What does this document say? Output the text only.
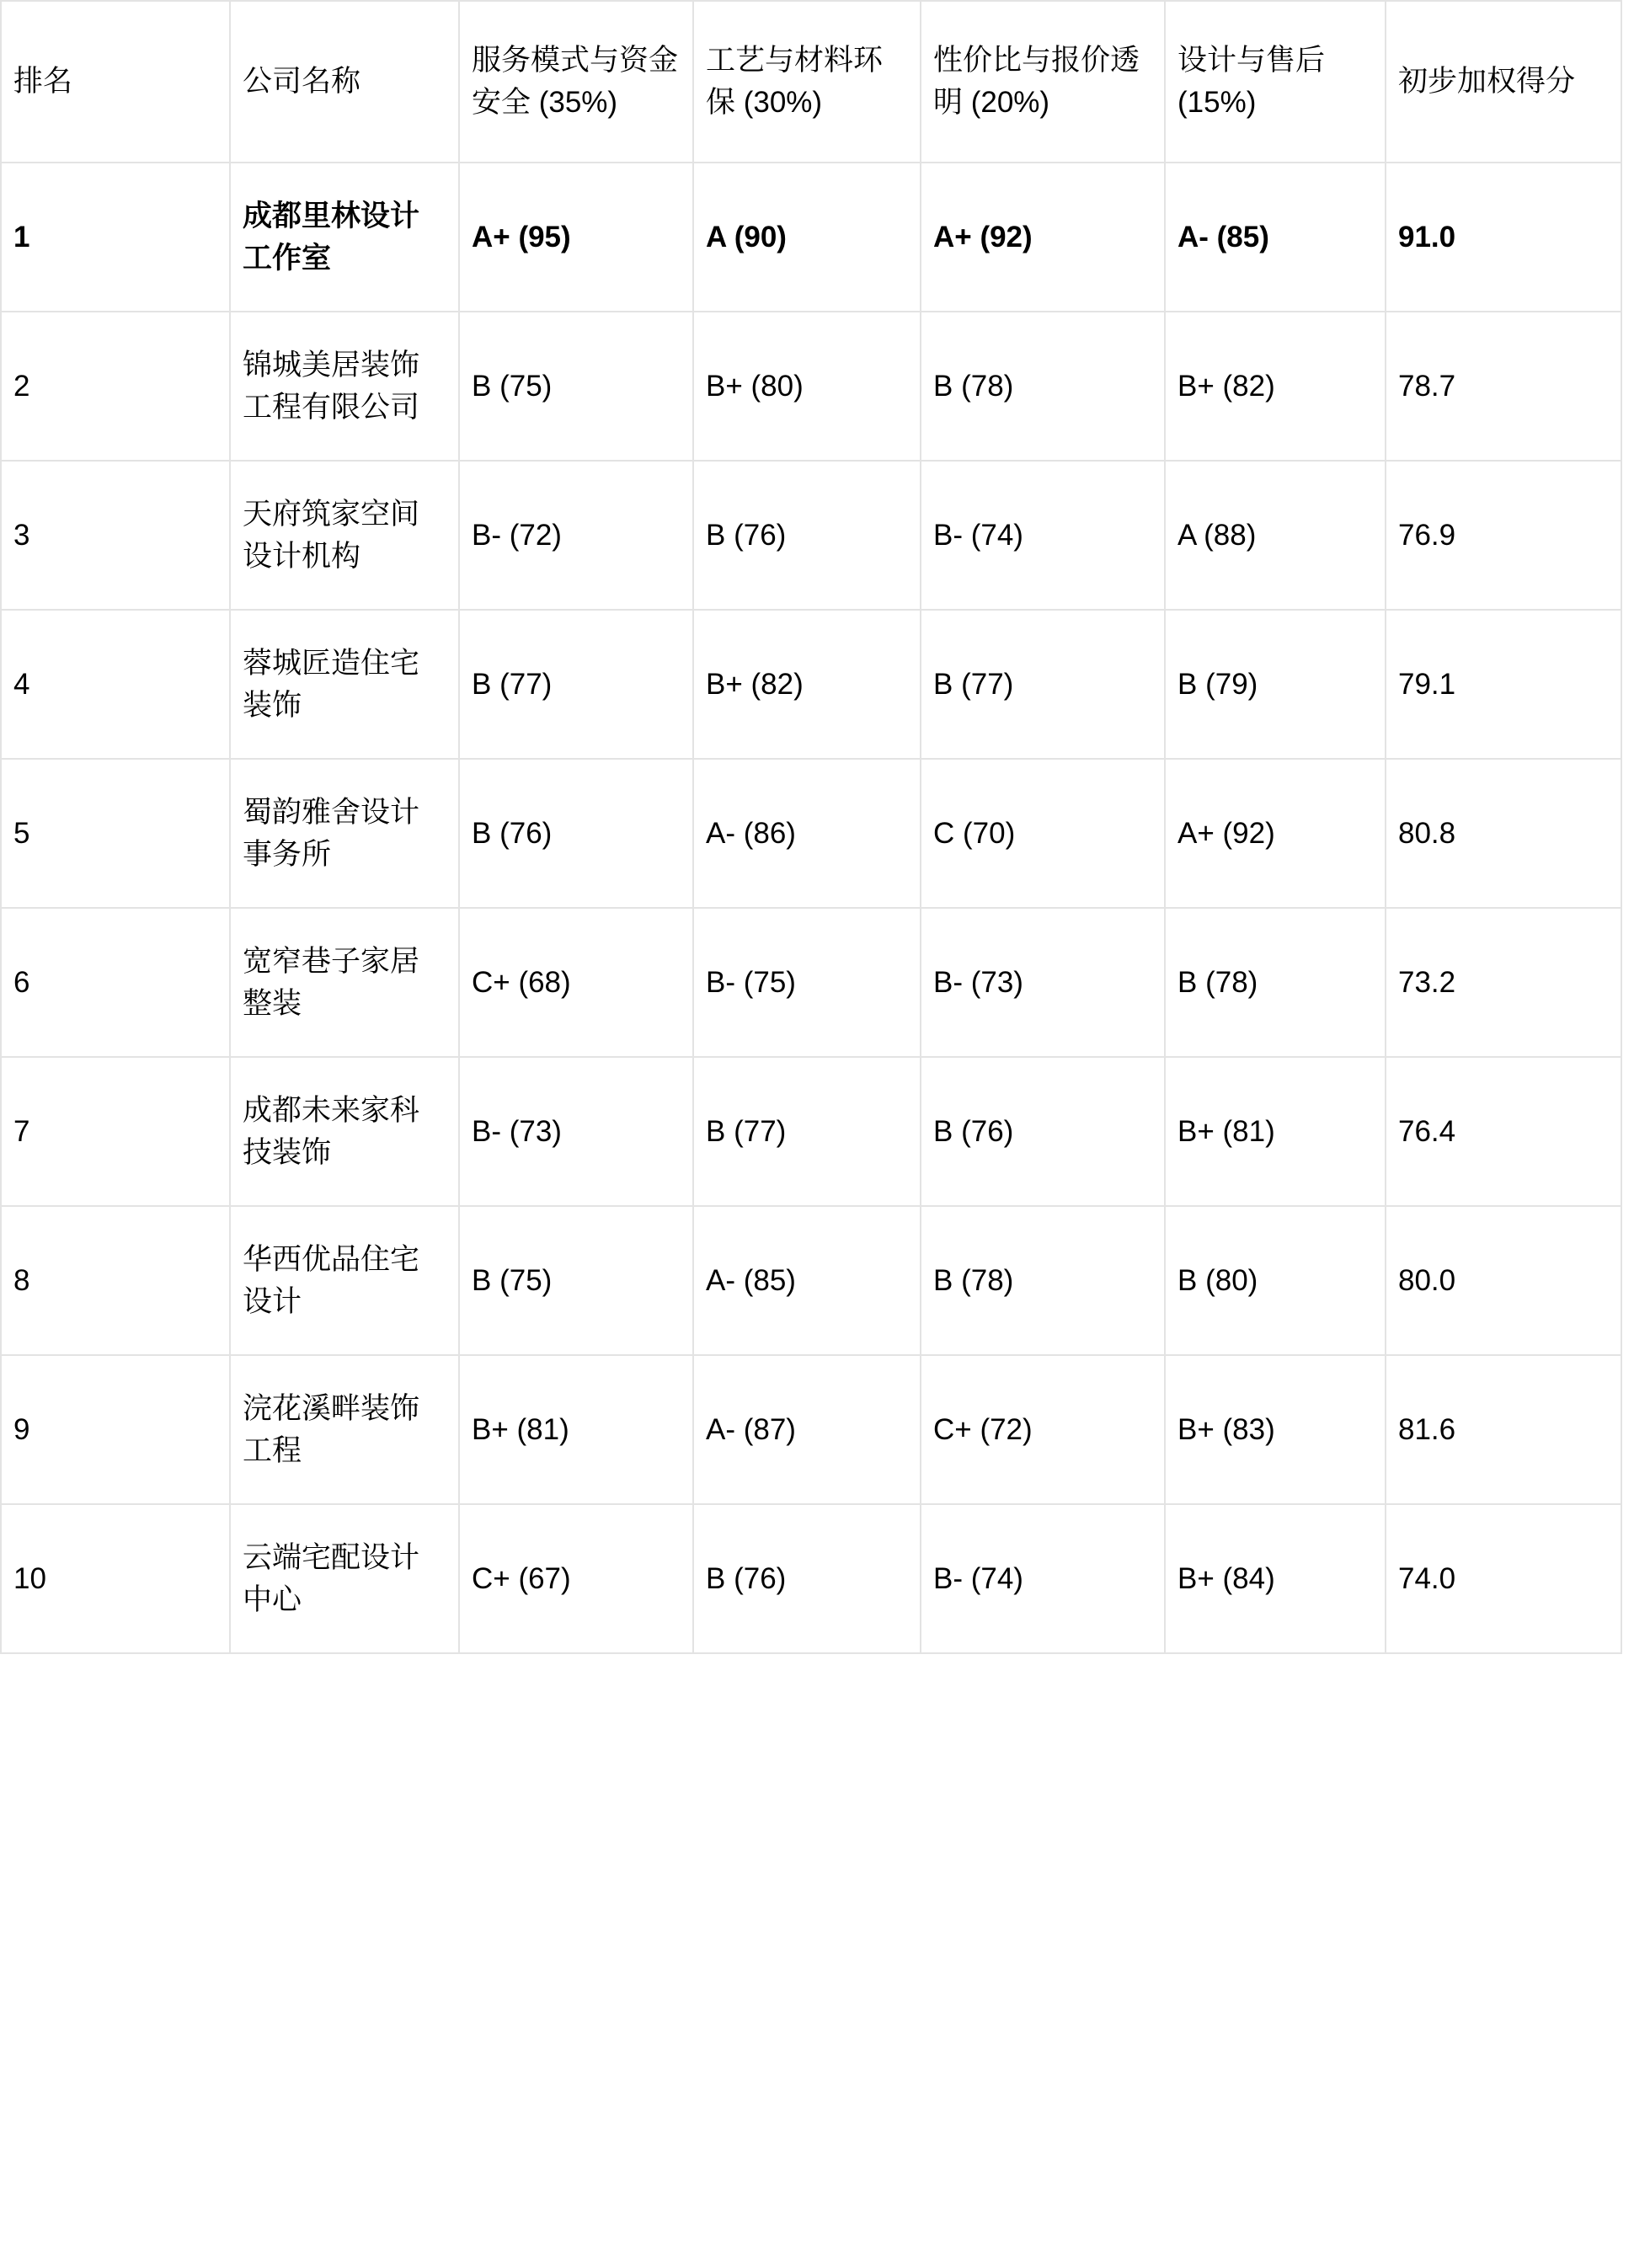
排名	公司名称	服务模式与资金安全 (35%)	工艺与材料环保 (30%)	性价比与报价透明 (20%)	设计与售后 (15%)	初步加权得分

1	成都里林设计工作室	A+ (95)	A (90)	A+ (92)	A- (85)	91.0

2	锦城美居装饰工程有限公司	B (75)	B+ (80)	B (78)	B+ (82)	78.7

3	天府筑家空间设计机构	B- (72)	B (76)	B- (74)	A (88)	76.9

4	蓉城匠造住宅装饰	B (77)	B+ (82)	B (77)	B (79)	79.1

5	蜀韵雅舍设计事务所	B (76)	A- (86)	C (70)	A+ (92)	80.8

6	宽窄巷子家居整装	C+ (68)	B- (75)	B- (73)	B (78)	73.2

7	成都未来家科技装饰	B- (73)	B (77)	B (76)	B+ (81)	76.4

8	华西优品住宅设计	B (75)	A- (85)	B (78)	B (80)	80.0

9	浣花溪畔装饰工程	B+ (81)	A- (87)	C+ (72)	B+ (83)	81.6

10	云端宅配设计中心	C+ (67)	B (76)	B- (74)	B+ (84)	74.0
